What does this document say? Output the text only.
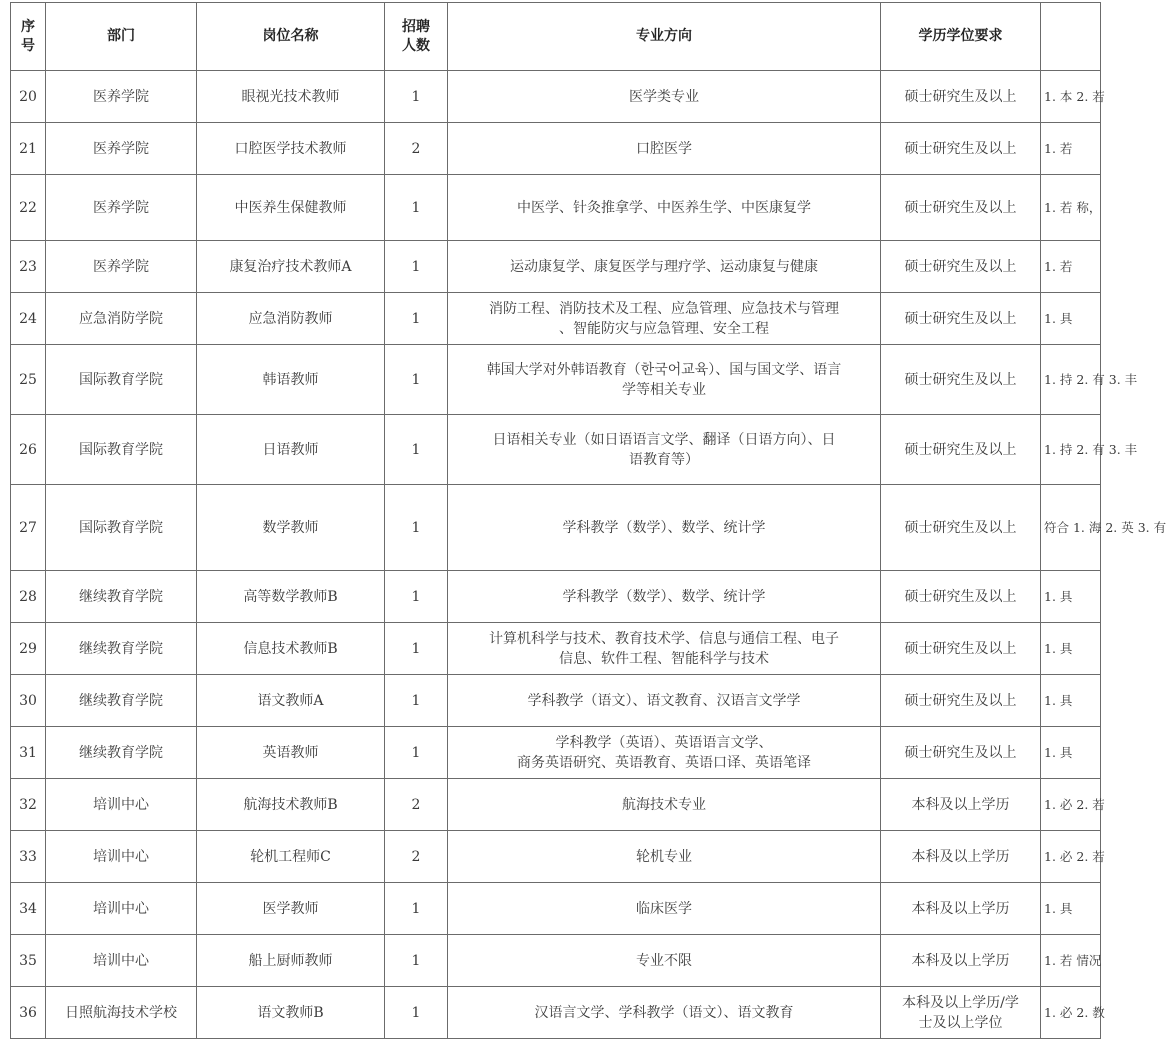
序
号	部门	岗位名称	招聘
人数	专业方向	学历学位要求	
20	医养学院	眼视光技术教师	1	医学类专业	硕士研究生及以上	1. 本 2. 若
21	医养学院	口腔医学技术教师	2	口腔医学	硕士研究生及以上	1. 若
22	医养学院	中医养生保健教师	1	中医学、针灸推拿学、中医养生学、中医康复学	硕士研究生及以上	1. 若 称，
23	医养学院	康复治疗技术教师A	1	运动康复学、康复医学与理疗学、运动康复与健康	硕士研究生及以上	1. 若
24	应急消防学院	应急消防教师	1	消防工程、消防技术及工程、应急管理、应急技术与管理
、智能防灾与应急管理、安全工程	硕士研究生及以上	1. 具
25	国际教育学院	韩语教师	1	韩国大学对外韩语教育（한국어교육）、国与国文学、语言
学等相关专业	硕士研究生及以上	1. 持 2. 有 3. 丰
26	国际教育学院	日语教师	1	日语相关专业（如日语语言文学、翻译（日语方向）、日
语教育等）	硕士研究生及以上	1. 持 2. 有 3. 丰
27	国际教育学院	数学教师	1	学科教学（数学）、数学、统计学	硕士研究生及以上	符合 1. 海 2. 英 3. 有
28	继续教育学院	高等数学教师B	1	学科教学（数学）、数学、统计学	硕士研究生及以上	1. 具
29	继续教育学院	信息技术教师B	1	计算机科学与技术、教育技术学、信息与通信工程、电子
信息、软件工程、智能科学与技术	硕士研究生及以上	1. 具
30	继续教育学院	语文教师A	1	学科教学（语文）、语文教育、汉语言文学学	硕士研究生及以上	1. 具
31	继续教育学院	英语教师	1	学科教学（英语）、英语语言文学、
商务英语研究、英语教育、英语口译、英语笔译	硕士研究生及以上	1. 具
32	培训中心	航海技术教师B	2	航海技术专业	本科及以上学历	1. 必 2. 若
33	培训中心	轮机工程师C	2	轮机专业	本科及以上学历	1. 必 2. 若
34	培训中心	医学教师	1	临床医学	本科及以上学历	1. 具
35	培训中心	船上厨师教师	1	专业不限	本科及以上学历	1. 若 情况
36	日照航海技术学校	语文教师B	1	汉语言文学、学科教学（语文）、语文教育	本科及以上学历/学
士及以上学位	1. 必 2. 教
